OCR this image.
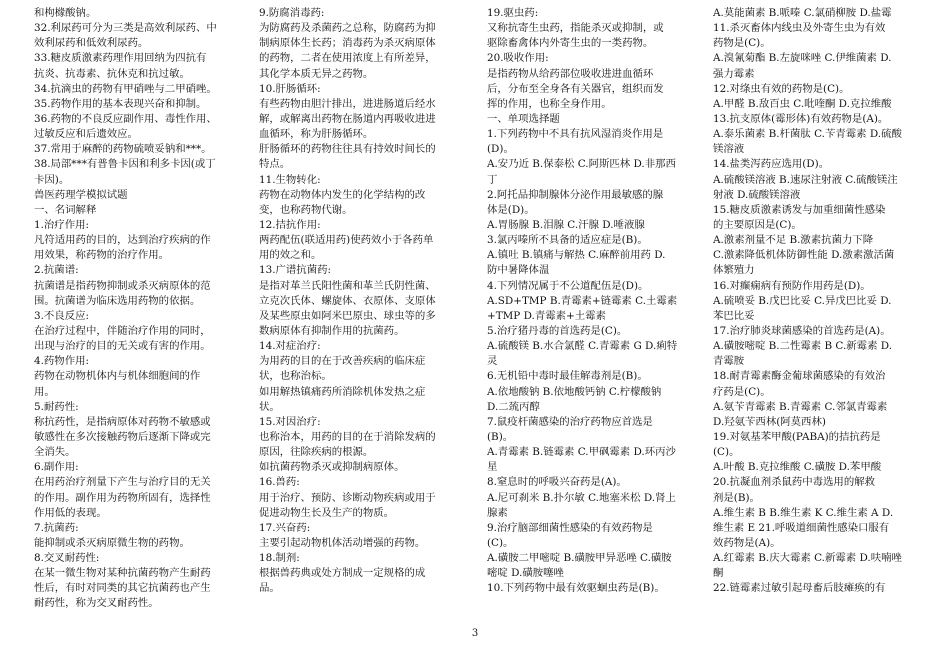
和枸橼酸钠。
32.利尿药可分为三类是高效利尿药、中
效利尿药和低效利尿药。
33.糖皮质激素药理作用回纳为四抗有
抗炎、抗毒素、抗休克和抗过敏。
34.抗滴虫的药物有甲硝唑与二甲硝唑。
35.药物作用的基本表现兴奋和抑制。
36.药物的不良反应副作用、毒性作用、
过敏反应和后遗效应。
37.常用于麻醉的药物硫喷妥钠和***。
38.局部***有普鲁卡因和利多卡因(或丁
卡因)。
兽医药理学模拟试题
一、名词解释
1.治疗作用:
凡符适用药的目的，达到治疗疾病的作
用效果，称药物的治疗作用。
2.抗菌谱:
抗菌谱是指药物抑制或杀灭病原体的范
围。抗菌谱为临床选用药物的依据。
3.不良反应:
在治疗过程中，伴随治疗作用的同时，
出现与治疗的目的无关或有害的作用。
4.药物作用:
药物在动物机体内与机体细胞间的作
用。
5.耐药性:
称抗药性，是指病原体对药物不敏感或
敏感性在多次接触药物后逐渐下降或完
全消失。
6.副作用:
在用药治疗剂量下产生与治疗目的无关
的作用。副作用为药物所固有，选择性
作用低的表现。
7.抗菌药:
能抑制或杀灭病原微生物的药物。
8.交叉耐药性:
在某一微生物对某种抗菌药物产生耐药
性后，有时对同类的其它抗菌药也产生
耐药性，称为交叉耐药性。
9.防腐消毒药:
为防腐药及杀菌药之总称，防腐药为抑
制病原体生长药；消毒药为杀灭病原体
的药物，二者在使用浓度上有所差异，
其化学本质无异之药物。
10.肝肠循环:
有些药物由胆汁排出，进进肠道后经水
解，或解离出药物在肠道内再吸收进进
血循环，称为肝肠循环。
肝肠循环的药物往往具有持效时间长的
特点。
11.生物转化:
药物在动物体内发生的化学结构的改
变，也称药物代谢。
12.拮抗作用:
两药配伍(联适用药)使药效小于各药单
用的效之和。
13.广谱抗菌药:
是指对革兰氏阳性菌和革兰氏阴性菌、
立克次氏体、螺旋体、衣原体、支原体
及某些原虫如阿米巴原虫、球虫等的多
数病原体有抑制作用的抗菌药。
14.对症治疗:
为用药的目的在于改善疾病的临床症
状，也称治标。
如用解热镇痛药所消除机体发热之症
状。
15.对因治疗:
也称治本，用药的目的在于消除发病的
原因，往除疾病的根源。
如抗菌药物杀灭或抑制病原体。
16.兽药:
用于治疗、预防、诊断动物疾病或用于
促进动物生长及生产的物质。
17.兴奋药:
主要引起动物机体活动增强的药物。
18.制剂:
根据兽药典或处方制成一定规格的成
品。
19.驱虫药:
又称抗寄生虫药，指能杀灭或抑制，或
驱除畜禽体内外寄生虫的一类药物。
20.吸收作用:
是指药物从给药部位吸收进进血循环
后，分布至全身各有关器官，组织而发
挥的作用，也称全身作用。
一、单项选择题
1.下列药物中不具有抗风湿消炎作用是
(D)。
A.安乃近 B.保泰松 C.阿斯匹林 D.非那西
丁
2.阿托品抑制腺体分泌作用最敏感的腺
体是(D)。
A.胃肠腺 B.泪腺 C.汗腺 D.唾液腺
3.氯丙嗪所不具备的适应症是(B)。
A.镇吐 B.镇痛与解热 C.麻醉前用药 D.
防中暑降体温
4.下列情况属于不公道配伍是(D)。
A.SD+TMP B.青霉素+链霉素 C.土霉素
+TMP D.青霉素+土霉素
5.治疗猪丹毒的首选药是(C)。
A.硫酸镁 B.水合氯醛 C.青霉素 G D.痢特
灵
6.无机铅中毒时最佳解毒剂是(B)。
A.依地酸钠 B.依地酸钙钠 C.柠檬酸钠
D.二巯丙醇
7.鼠疫杆菌感染的治疗药物应首选是
(B)。
A.青霉素 B.链霉素 C.甲砜霉素 D.环丙沙
星
8.窒息时的呼吸兴奋药是(A)。
A.尼可刹米 B.扑尔敏 C.地塞米松 D.肾上
腺素
9.治疗脑部细菌性感染的有效药物是
(C)。
A.磺胺二甲嘧啶 B.磺胺甲异恶唑 C.磺胺
嘧啶 D.磺胺噻唑
10.下列药物中最有效驱蛔虫药是(B)。
A.莫能菌素 B.哌嗪 C.氯硝柳胺 D.盐霉
11.杀灭畜体内线虫及外寄生虫为有效
药物是(C)。
A.溴氰菊酯 B.左旋咪唑 C.伊维菌素 D.
强力霉素
12.对绦虫有效的药物是(C)。
A.甲醛 B.敌百虫 C.吡喹酮 D.克拉维酸
13.抗支原体(霉形体)有效药物是(A)。
A.泰乐菌素 B.杆菌肽 C.苄青霉素 D.硫酸
镁溶液
14.盐类泻药应选用(D)。
A.硫酸镁溶液 B.速尿注射液 C.硫酸镁注
射液 D.硫酸镁溶液
15.糖皮质激素诱发与加重细菌性感染
的主要原因是(C)。
A.激素剂量不足 B.激素抗菌力下降
C.激素降低机体防御性能 D.激素激活菌
体繁殖力
16.对癫痫病有预防作用药是(D)。
A.硫喷妥 B.戊巴比妥 C.异戊巴比妥 D.
苯巴比妥
17.治疗肺炎球菌感染的首选药是(A)。
A.磺胺嘧啶 B.二性霉素 B C.新霉素 D.
青霉胺
18.耐青霉素酶金葡球菌感染的有效治
疗药是(C)。
A.氨苄青霉素 B.青霉素 C.邻氯青霉素
D.羟氨苄西林(阿莫西林)
19.对氨基苯甲酸(PABA)的拮抗药是
(C)。
A.叶酸 B.克拉维酸 C.磺胺 D.苯甲酸
20.抗凝血剂杀鼠药中毒选用的解救
剂是(B)。
A.维生素 B B.维生素 K C.维生素 A D.
维生素 E 21.呼吸道细菌性感染口服有
效药物是(A)。
A.红霉素 B.庆大霉素 C.新霉素 D.呋喃唑
酮
22.链霉素过敏引起母畜后肢瘫痪的有
3
